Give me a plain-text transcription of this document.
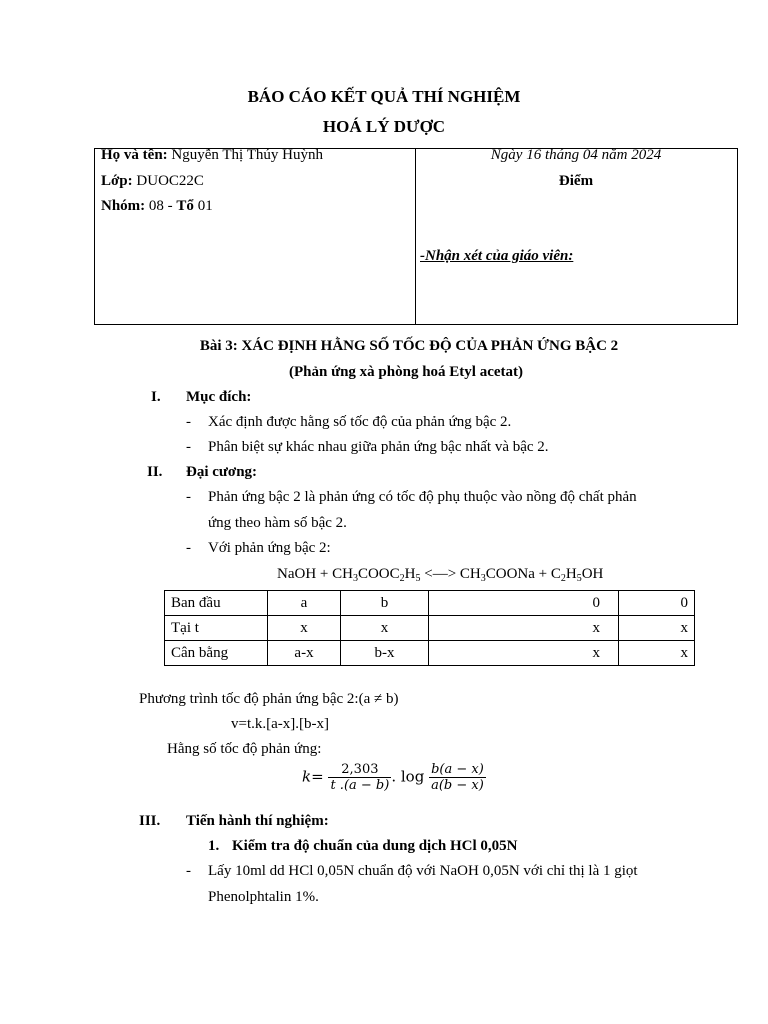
BÁO CÁO KẾT QUẢ THÍ NGHIỆM
HOÁ LÝ DƯỢC
Họ và tên: Nguyễn Thị Thúy Huỳnh
Lớp: DUOC22C
Nhóm: 08 - Tổ 01
Ngày 16 tháng 04 năm 2024
Điểm
-Nhận xét của giáo viên:
Bài 3: XÁC ĐỊNH HẰNG SỐ TỐC ĐỘ CỦA PHẢN ỨNG BẬC 2
(Phản ứng xà phòng hoá Etyl acetat)
I. Mục đích:
- Xác định được hằng số tốc độ của phản ứng bậc 2.
- Phân biệt sự khác nhau giữa phản ứng bậc nhất và bậc 2.
II. Đại cương:
- Phản ứng bậc 2 là phản ứng có tốc độ phụ thuộc vào nồng độ chất phản
ứng theo hàm số bậc 2.
- Với phản ứng bậc 2:
NaOH + $CH_3COOC_2H_5$ <—> $CH_3COONa + C_2H_5OH$
Ban đầu	a	b	0	0
Tại t	x	x	x	x
Cân bằng	a-x	b-x	x	x
Phương trình tốc độ phản ứng bậc 2:(a ≠ b)
v=t.k.[a-x].[b-x]
Hằng số tốc độ phản ứng:
$k= \frac{2,303}{t .(a - b)}$ . $\log \frac{b(a - x)}{a(b - x)}$
III. Tiến hành thí nghiệm:
1. Kiểm tra độ chuẩn của dung dịch HCl 0,05N
- Lấy 10ml dd HCl 0,05N chuẩn độ với NaOH 0,05N với chỉ thị là 1 giọt
Phenolphtalin 1%.
